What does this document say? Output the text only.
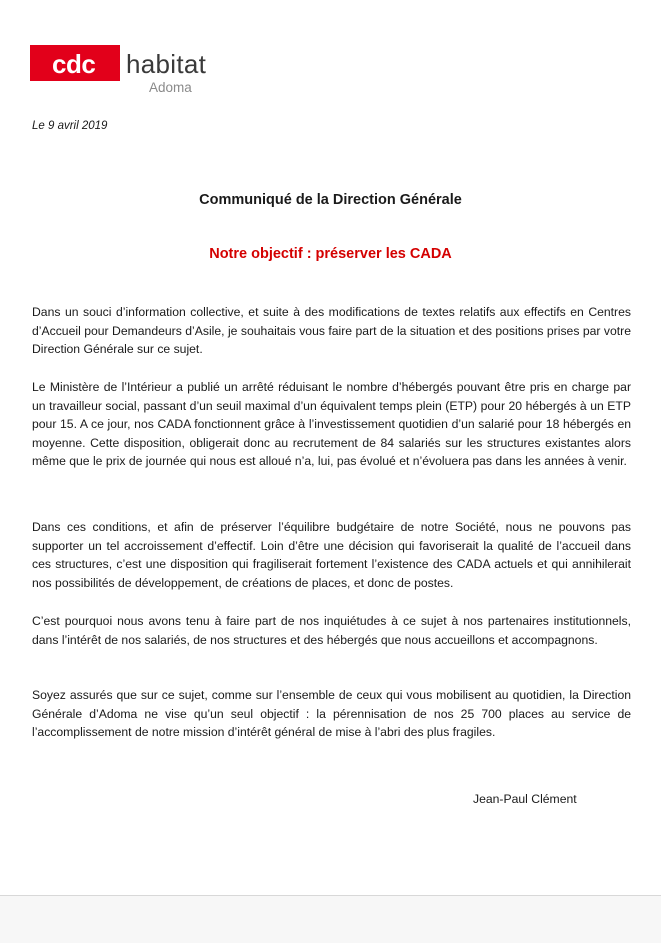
cdc habitat
Adoma
Le 9 avril 2019
Communiqué de la Direction Générale
Notre objectif : préserver les CADA

Dans un souci d’information collective, et suite à des modifications de textes relatifs aux effectifs en Centres d’Accueil pour Demandeurs d’Asile, je souhaitais vous faire part de la situation et des positions prises par votre Direction Générale sur ce sujet.

Le Ministère de l’Intérieur a publié un arrêté réduisant le nombre d’hébergés pouvant être pris en charge par un travailleur social, passant d’un seuil maximal d’un équivalent temps plein (ETP) pour 20 hébergés à un ETP pour 15. A ce jour, nos CADA fonctionnent grâce à l’investissement quotidien d’un salarié pour 18 hébergés en moyenne. Cette disposition, obligerait donc au recrutement de 84 salariés sur les structures existantes alors même que le prix de journée qui nous est alloué n’a, lui, pas évolué et n’évoluera pas dans les années à venir.

Dans ces conditions, et afin de préserver l’équilibre budgétaire de notre Société, nous ne pouvons pas supporter un tel accroissement d’effectif. Loin d’être une décision qui favoriserait la qualité de l’accueil dans ces structures, c’est une disposition qui fragiliserait fortement l’existence des CADA actuels et qui annihilerait nos possibilités de développement, de créations de places, et donc de postes.

C’est pourquoi nous avons tenu à faire part de nos inquiétudes à ce sujet à nos partenaires institutionnels, dans l’intérêt de nos salariés, de nos structures et des hébergés que nous accueillons et accompagnons.

Soyez assurés que sur ce sujet, comme sur l’ensemble de ceux qui vous mobilisent au quotidien, la Direction Générale d’Adoma ne vise qu’un seul objectif : la pérennisation de nos 25 700 places au service de l’accomplissement de notre mission d’intérêt général de mise à l’abri des plus fragiles.

Jean-Paul Clément
